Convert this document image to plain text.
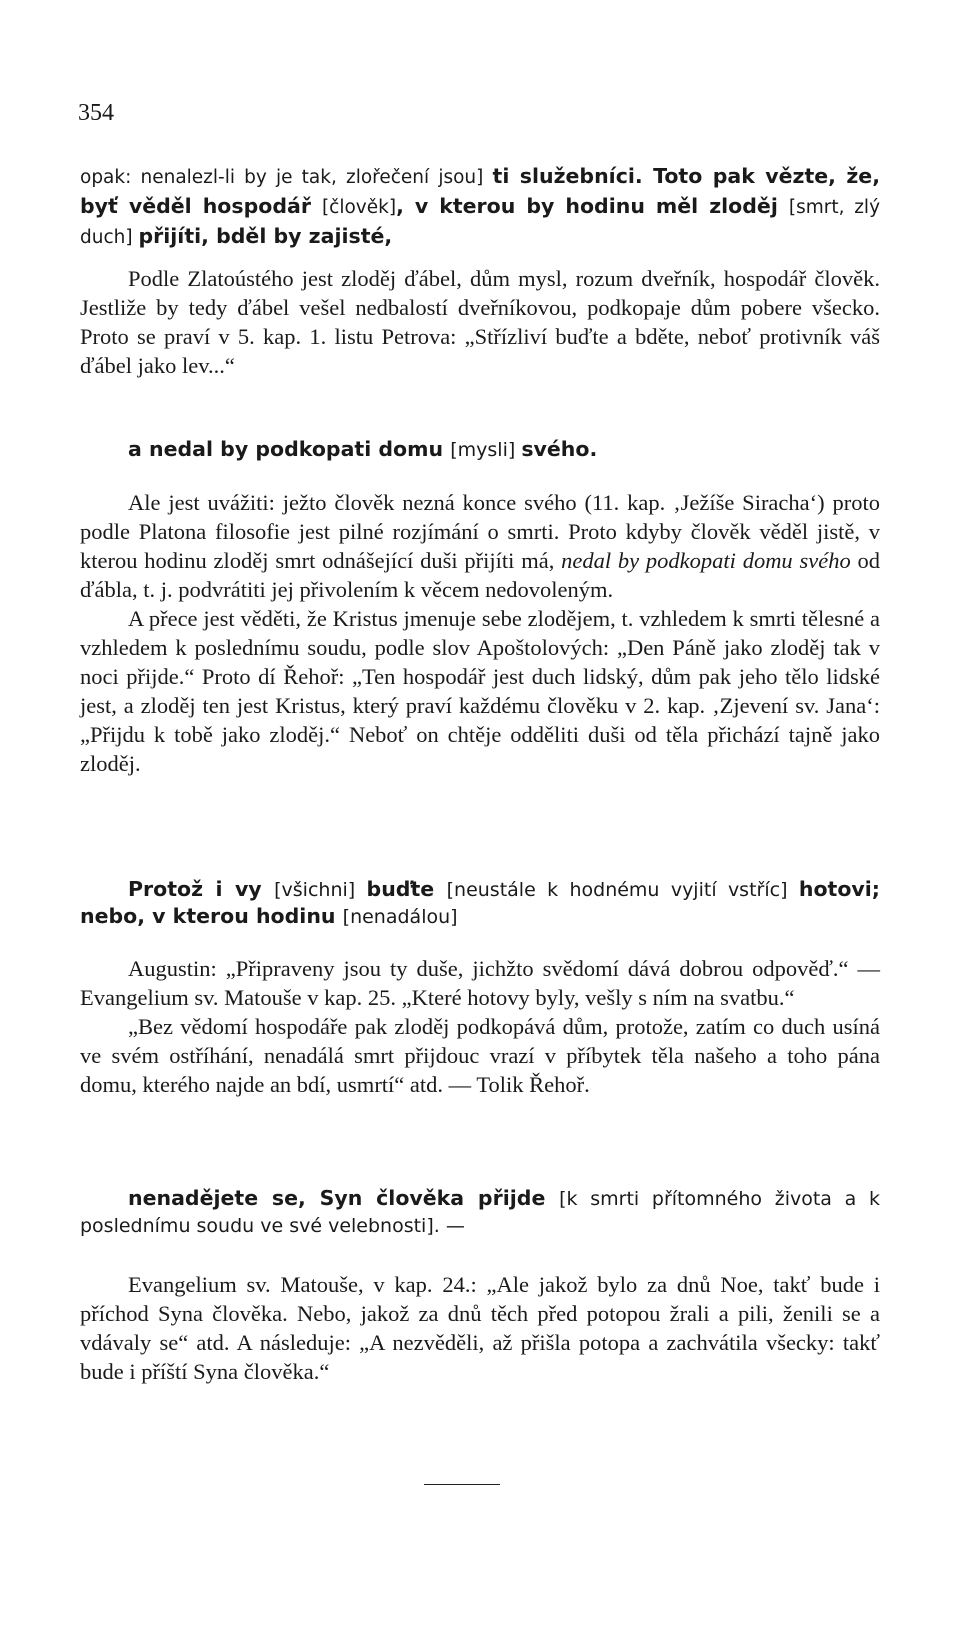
354
opak: nenalezl-li by je tak, zlořečení jsou] ti služebníci. Toto pak vězte, že, byť věděl hospodář [člověk], v kterou by hodinu měl zloděj [smrt, zlý duch] přijíti, bděl by zajisté,

Podle Zlatoústého jest zloděj ďábel, dům mysl, rozum dveřník, hospodář člověk. Jestliže by tedy ďábel vešel nedbalostí dveřníkovou, podkopaje dům pobere všecko. Proto se praví v 5. kap. 1. listu Petrova: „Střízliví buďte a bděte, neboť protivník váš ďábel jako lev...“

a nedal by podkopati domu [mysli] svého.

Ale jest uvážiti: ježto člověk nezná konce svého (11. kap. ‚Ježíše Siracha‘) proto podle Platona filosofie jest pilné rozjímání o smrti. Proto kdyby člověk věděl jistě, v kterou hodinu zloděj smrt odnášející duši přijíti má, nedal by podkopati domu svého od ďábla, t. j. podvrátiti jej přivolením k věcem nedovoleným.

A přece jest věděti, že Kristus jmenuje sebe zlodějem, t. vzhledem k smrti tělesné a vzhledem k poslednímu soudu, podle slov Apoštolových: „Den Páně jako zloděj tak v noci přijde.“ Proto dí Řehoř: „Ten hospodář jest duch lidský, dům pak jeho tělo lidské jest, a zloděj ten jest Kristus, který praví každému člověku v 2. kap. ‚Zjevení sv. Jana‘: „Přijdu k tobě jako zloděj.“ Neboť on chtěje odděliti duši od těla přichází tajně jako zloděj.

Protož i vy [všichni] buďte [neustále k hodnému vyjití vstříc] hotovi; nebo, v kterou hodinu [nenadálou]

Augustin: „Připraveny jsou ty duše, jichžto svědomí dává dobrou odpověď.“ — Evangelium sv. Matouše v kap. 25. „Které hotovy byly, vešly s ním na svatbu.“

„Bez vědomí hospodáře pak zloděj podkopává dům, protože, zatím co duch usíná ve svém ostříhání, nenadálá smrt přijdouc vrazí v příbytek těla našeho a toho pána domu, kterého najde an bdí, usmrtí“ atd. — Tolik Řehoř.

nenadějete se, Syn člověka přijde [k smrti přítomného života a k poslednímu soudu ve své velebnosti]. —

Evangelium sv. Matouše, v kap. 24.: „Ale jakož bylo za dnů Noe, takť bude i příchod Syna člověka. Nebo, jakož za dnů těch před potopou žrali a pili, ženili se a vdávaly se“ atd. A následuje: „A nezvěděli, až přišla potopa a zachvátila všecky: takť bude i příští Syna člověka.“
